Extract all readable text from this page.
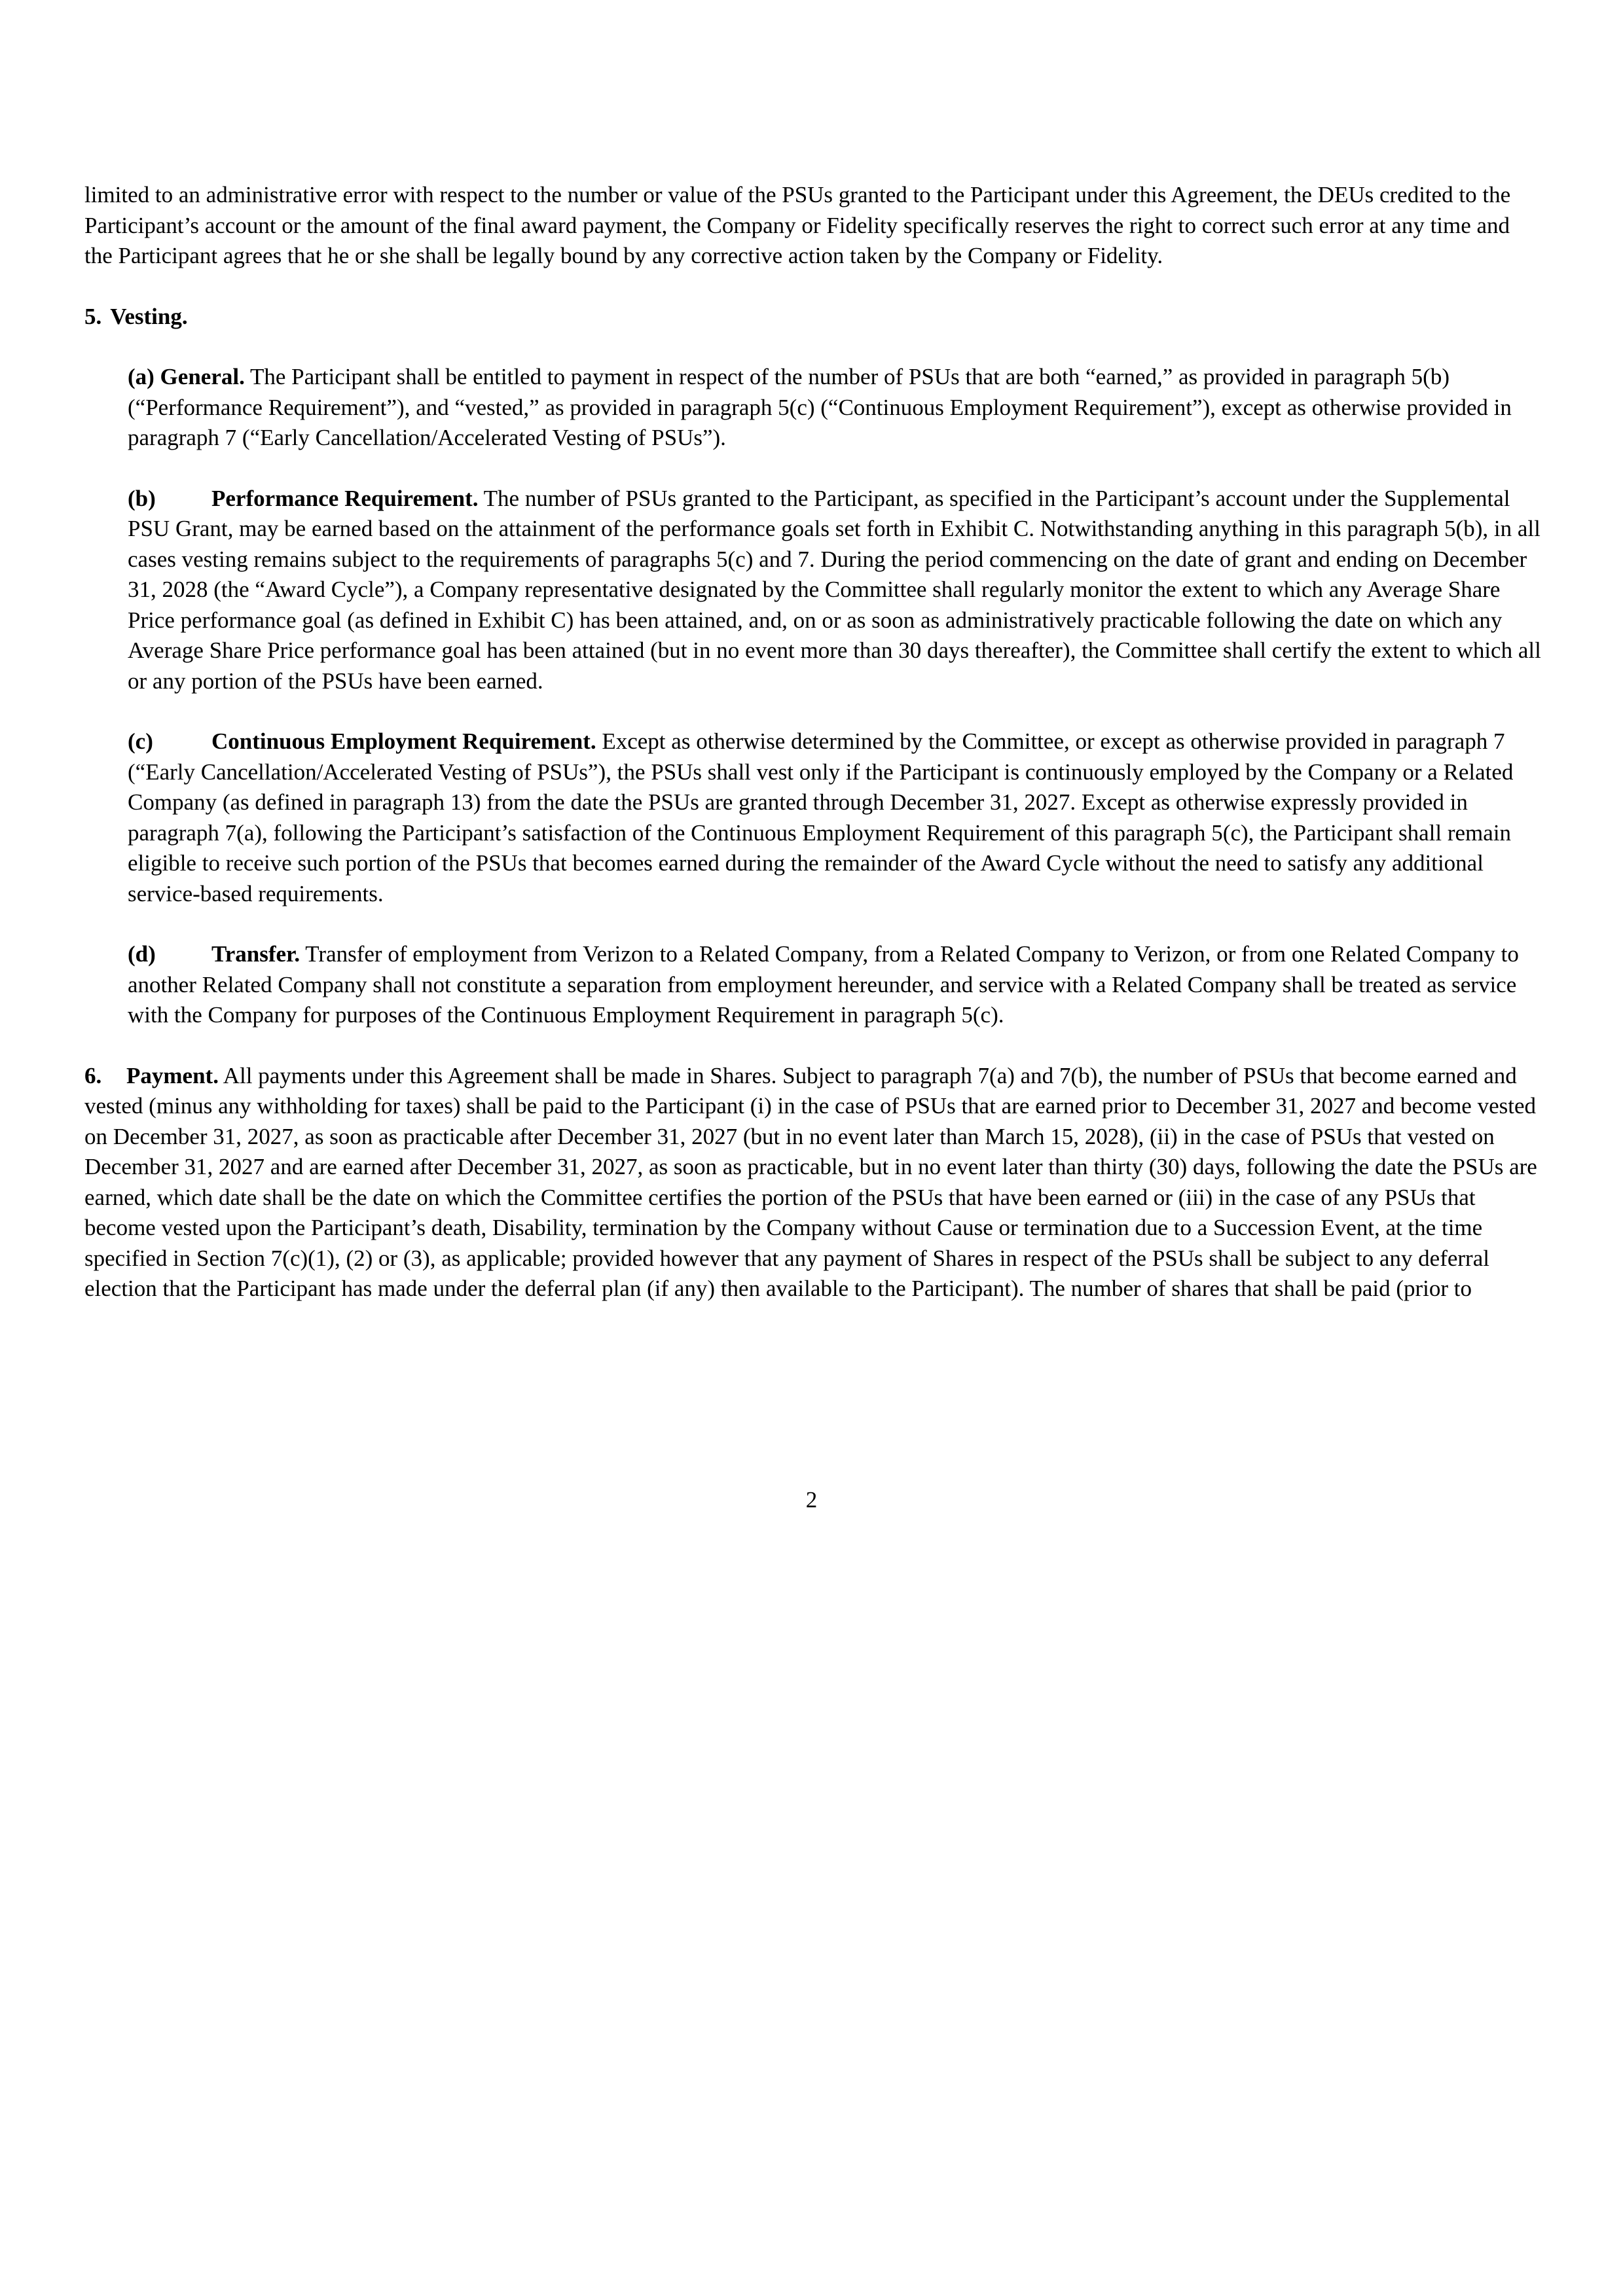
limited to an administrative error with respect to the number or value of the PSUs granted to the Participant under this Agreement, the DEUs credited to the Participant’s account or the amount of the final award payment, the Company or Fidelity specifically reserves the right to correct such error at any time and the Participant agrees that he or she shall be legally bound by any corrective action taken by the Company or Fidelity.

5. Vesting.

(a) General. The Participant shall be entitled to payment in respect of the number of PSUs that are both “earned,” as provided in paragraph 5(b) (“Performance Requirement”), and “vested,” as provided in paragraph 5(c) (“Continuous Employment Requirement”), except as otherwise provided in paragraph 7 (“Early Cancellation/Accelerated Vesting of PSUs”).

(b) Performance Requirement. The number of PSUs granted to the Participant, as specified in the Participant’s account under the Supplemental PSU Grant, may be earned based on the attainment of the performance goals set forth in Exhibit C. Notwithstanding anything in this paragraph 5(b), in all cases vesting remains subject to the requirements of paragraphs 5(c) and 7. During the period commencing on the date of grant and ending on December 31, 2028 (the “Award Cycle”), a Company representative designated by the Committee shall regularly monitor the extent to which any Average Share Price performance goal (as defined in Exhibit C) has been attained, and, on or as soon as administratively practicable following the date on which any Average Share Price performance goal has been attained (but in no event more than 30 days thereafter), the Committee shall certify the extent to which all or any portion of the PSUs have been earned.

(c)	Continuous Employment Requirement. Except as otherwise determined by the Committee, or except as otherwise provided in paragraph 7 (“Early Cancellation/Accelerated Vesting of PSUs”), the PSUs shall vest only if the Participant is continuously employed by the Company or a Related Company (as defined in paragraph 13) from the date the PSUs are granted through December 31, 2027. Except as otherwise expressly provided in paragraph 7(a), following the Participant’s satisfaction of the Continuous Employment Requirement of this paragraph 5(c), the Participant shall remain eligible to receive such portion of the PSUs that becomes earned during the remainder of the Award Cycle without the need to satisfy any additional service-based requirements.

(d) Transfer. Transfer of employment from Verizon to a Related Company, from a Related Company to Verizon, or from one Related Company to another Related Company shall not constitute a separation from employment hereunder, and service with a Related Company shall be treated as service with the Company for purposes of the Continuous Employment Requirement in paragraph 5(c).

6. Payment. All payments under this Agreement shall be made in Shares. Subject to paragraph 7(a) and 7(b), the number of PSUs that become earned and vested (minus any withholding for taxes) shall be paid to the Participant (i) in the case of PSUs that are earned prior to December 31, 2027 and become vested on December 31, 2027, as soon as practicable after December 31, 2027 (but in no event later than March 15, 2028), (ii) in the case of PSUs that vested on December 31, 2027 and are earned after December 31, 2027, as soon as practicable, but in no event later than thirty (30) days, following the date the PSUs are earned, which date shall be the date on which the Committee certifies the portion of the PSUs that have been earned or (iii) in the case of any PSUs that become vested upon the Participant’s death, Disability, termination by the Company without Cause or termination due to a Succession Event, at the time specified in Section 7(c)(1), (2) or (3), as applicable; provided however that any payment of Shares in respect of the PSUs shall be subject to any deferral election that the Participant has made under the deferral plan (if any) then available to the Participant). The number of shares that shall be paid (prior to

2
